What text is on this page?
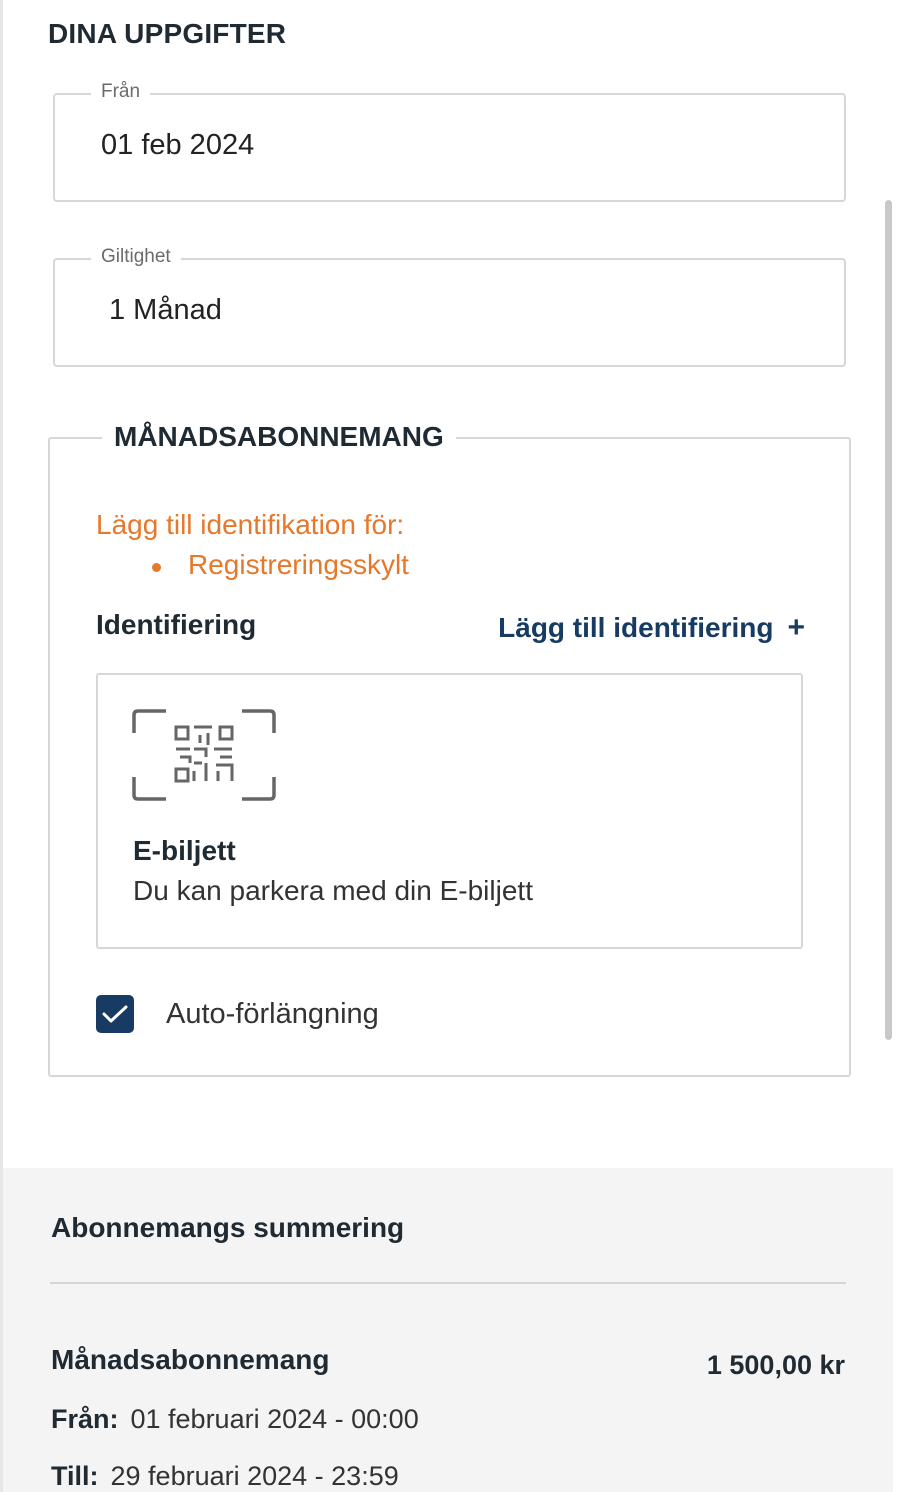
DINA UPPGIFTER
Från
01 feb 2024
Giltighet
1 Månad
MÅNADSABONNEMANG

Lägg till identifikation för:

Registreringsskylt
Identifiering	Lägg till identifiering +
E-biljett
Du kan parkera med din E-biljett
Auto-förlängning
Abonnemangs summering
Månadsabonnemang	1 500,00 kr
Från: 01 februari 2024 - 00:00
Till: 29 februari 2024 - 23:59
